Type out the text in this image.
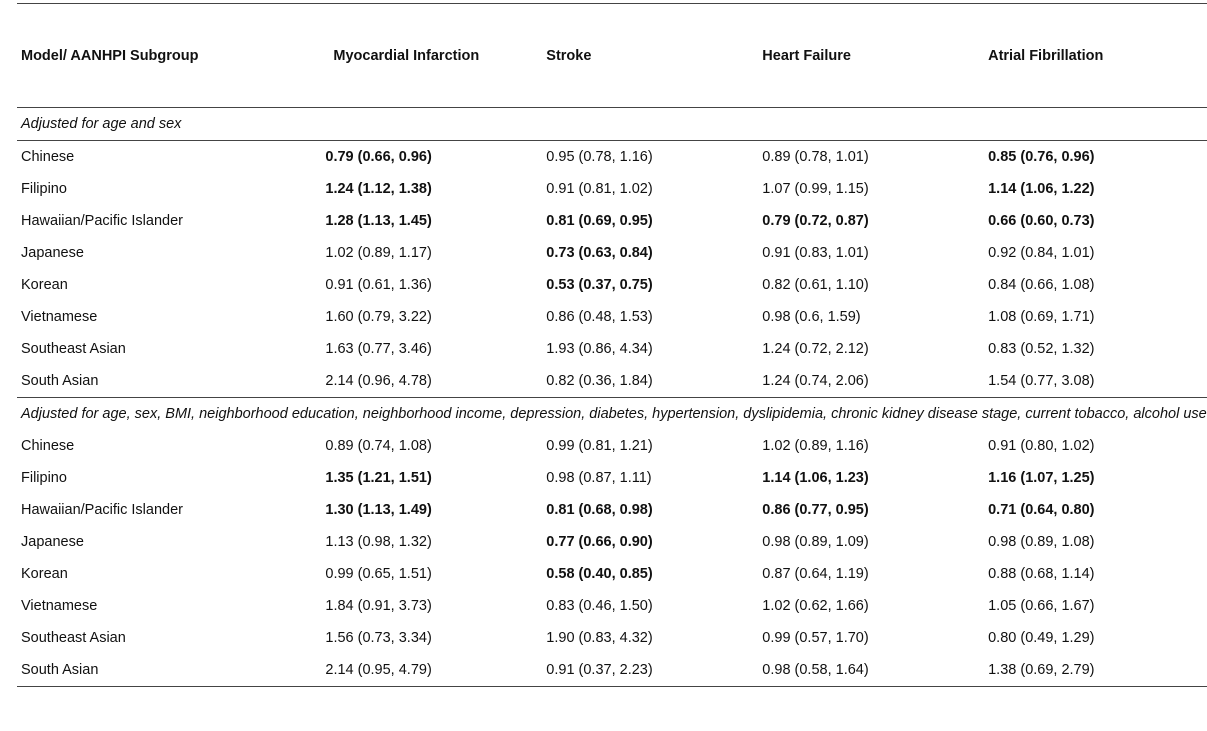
Model/ AANHPI Subgroup	Myocardial Infarction	Stroke	Heart Failure	Atrial Fibrillation
Adjusted for age and sex				
Chinese	0.79 (0.66, 0.96)	0.95 (0.78, 1.16)	0.89 (0.78, 1.01)	0.85 (0.76, 0.96)
Filipino	1.24 (1.12, 1.38)	0.91 (0.81, 1.02)	1.07 (0.99, 1.15)	1.14 (1.06, 1.22)
Hawaiian/Pacific Islander	1.28 (1.13, 1.45)	0.81 (0.69, 0.95)	0.79 (0.72, 0.87)	0.66 (0.60, 0.73)
Japanese	1.02 (0.89, 1.17)	0.73 (0.63, 0.84)	0.91 (0.83, 1.01)	0.92 (0.84, 1.01)
Korean	0.91 (0.61, 1.36)	0.53 (0.37, 0.75)	0.82 (0.61, 1.10)	0.84 (0.66, 1.08)
Vietnamese	1.60 (0.79, 3.22)	0.86 (0.48, 1.53)	0.98 (0.6, 1.59)	1.08 (0.69, 1.71)
Southeast Asian	1.63 (0.77, 3.46)	1.93 (0.86, 4.34)	1.24 (0.72, 2.12)	0.83 (0.52, 1.32)
South Asian	2.14 (0.96, 4.78)	0.82 (0.36, 1.84)	1.24 (0.74, 2.06)	1.54 (0.77, 3.08)
Adjusted for age, sex, BMI, neighborhood education, neighborhood income, depression, diabetes, hypertension, dyslipidemia, chronic kidney disease stage, current tobacco, alcohol use				
Chinese	0.89 (0.74, 1.08)	0.99 (0.81, 1.21)	1.02 (0.89, 1.16)	0.91 (0.80, 1.02)
Filipino	1.35 (1.21, 1.51)	0.98 (0.87, 1.11)	1.14 (1.06, 1.23)	1.16 (1.07, 1.25)
Hawaiian/Pacific Islander	1.30 (1.13, 1.49)	0.81 (0.68, 0.98)	0.86 (0.77, 0.95)	0.71 (0.64, 0.80)
Japanese	1.13 (0.98, 1.32)	0.77 (0.66, 0.90)	0.98 (0.89, 1.09)	0.98 (0.89, 1.08)
Korean	0.99 (0.65, 1.51)	0.58 (0.40, 0.85)	0.87 (0.64, 1.19)	0.88 (0.68, 1.14)
Vietnamese	1.84 (0.91, 3.73)	0.83 (0.46, 1.50)	1.02 (0.62, 1.66)	1.05 (0.66, 1.67)
Southeast Asian	1.56 (0.73, 3.34)	1.90 (0.83, 4.32)	0.99 (0.57, 1.70)	0.80 (0.49, 1.29)
South Asian	2.14 (0.95, 4.79)	0.91 (0.37, 2.23)	0.98 (0.58, 1.64)	1.38 (0.69, 2.79)
